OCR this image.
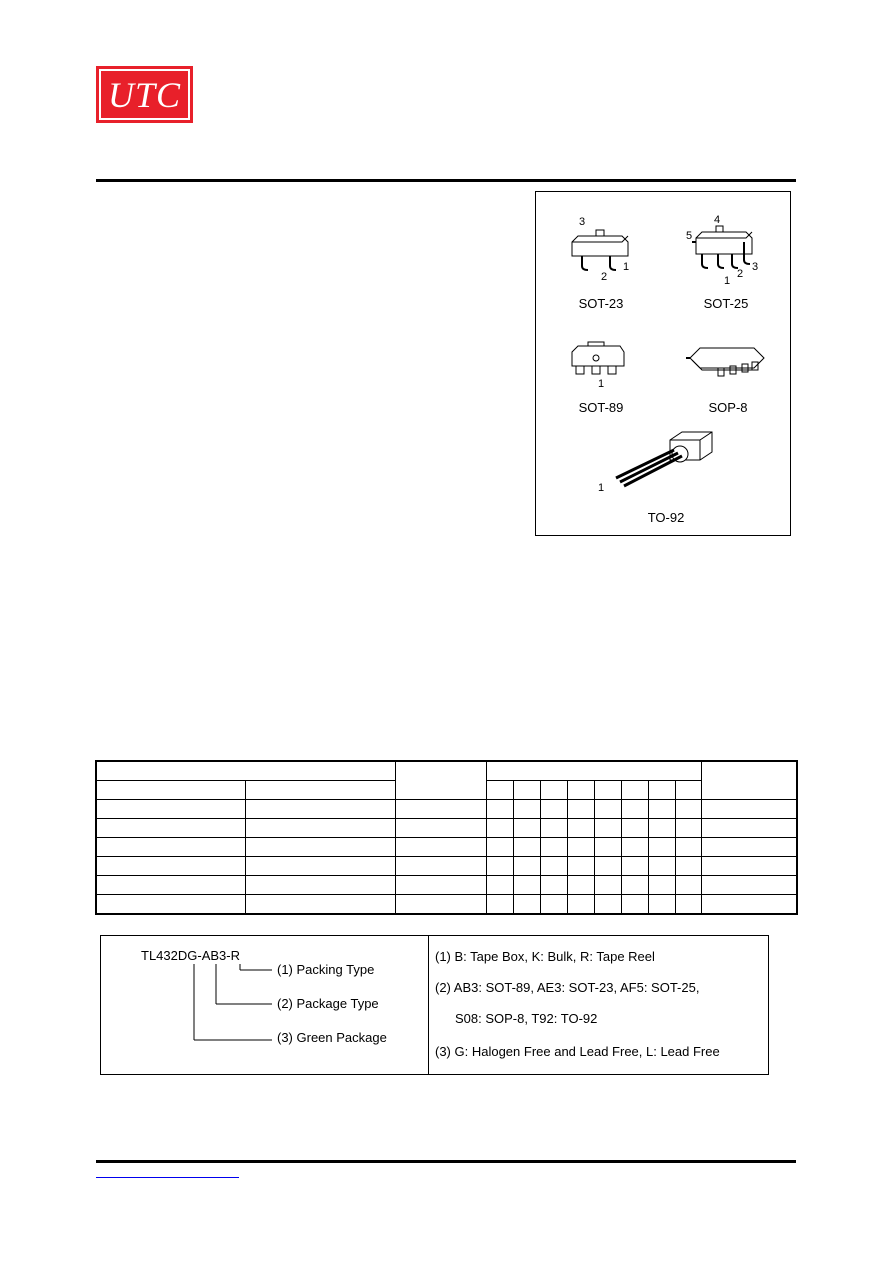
UTC
3
2
1
SOT-23
4
5
1
2
3
SOT-25
1
SOT-89	SOP-8
1
TO-92

TL432DG-AB3-R
(1) Packing Type
(2) Package Type
(3) Green Package
(1) B: Tape Box, K: Bulk, R: Tape Reel
(2) AB3: SOT-89, AE3: SOT-23, AF5: SOT-25,
S08: SOP-8, T92: TO-92
(3) G: Halogen Free and Lead Free, L: Lead Free
